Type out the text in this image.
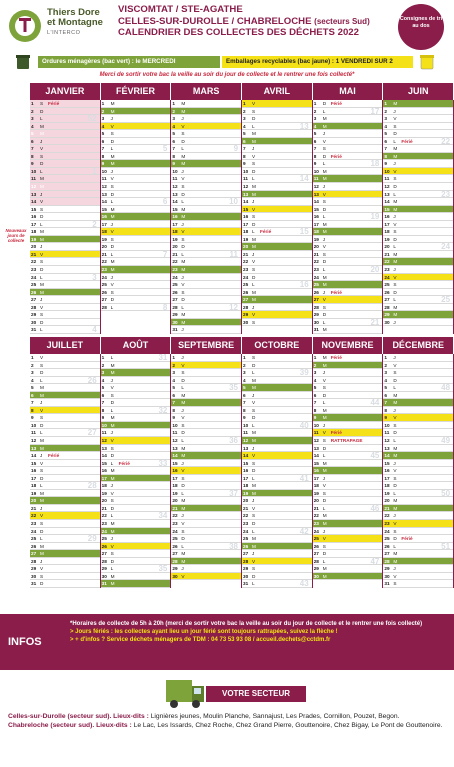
Thiers Dore
et Montagne
L'INTERCO
VISCOMTAT / STE-AGATHE
CELLES-SUR-DUROLLE / CHABRELOCHE (secteurs Sud)
CALENDRIER DES COLLECTES DES DÉCHETS 2022
Consignes de tri au dos
Ordures ménagères (bac vert) : le MERCREDI	Emballages recyclables (bac jaune) : 1 VENDREDI SUR 2
Merci de sortir votre bac la veille au soir du jour de collecte et le rentrer une fois collecté*
Nouveaux jours de collecte
JANVIER	FÉVRIER	MARS	AVRIL	MAI	JUIN
1	S	Férié
2	D
3	L	52
4	M
5	M
6	J
7	V
8	S
9	D
10 L	1
11 M
12 M
13 J
14 V
15 S
16 D
17 L	2
18 M
19 M
20 J
21 V
22 S
23 D
24 L	3
25 M
26 M
27 J
28 V
29 S
30 D
31 L	4
1	M
2	M
3	J
4	V
5	S
6	D
7	L	5
8	M
9	M
10 J
11 V
12 S
13 D
14 L	6
15 M
16 M
17 J
18 V
19 S
20 D
21 L	7
22 M
23 M
24 J
25 V
26 S
27 D
28 L	8
1	M
2	M
3	J
4	V
5	S
6	D
7	L	9
8	M
9	M
10 J
11 V
12 S
13 D
14 L	10
15 M
16 M
17 J
18 V
19 S
20 D
21 L	11
22 M
23 M
24 J
25 V
26 S
27 D
28 L	12
29 M
30 M
31 J
1	V
2	S
3	D
4	L	13
5	M
6	M
7	J
8	V
9	S
10 D
11 L	14
12 M
13 M
14 J
15 V
16 S
17 D
18 L	Férié	15
19 M
20 M
21 J
22 V
23 S
24 D
25 L	16
26 M
27 M
28 J
29 V
30 S
1	D Férié
2	L	17
3	M
4	M
5	J
6	V
7	S
8	D Férié
9	L	18
10 M
11 M
12 J
13 V
14 S
15 D
16 L	19
17 M
18 M
19 J
20 V
21 S
22 D
23 L	20
24 M
25 M
26 J	Férié
27 V
28 S
29 D
30 L	21
31 M
1	M
2	J
3	V
4	S
5	D
6	L	Férié	22
7	M
8	M
9	J
10 V
11 S
12 D
13 L	23
14 M
15 M
16 J
17 V
18 S
19 D
20 L	24
21 M
22 M
23 J
24 V
25 S
26 D
27 L	25
28 M
29 M
30 J
JUILLET	AOÛT	SEPTEMBRE	OCTOBRE	NOVEMBRE	DÉCEMBRE
1	V
2	S
3	D
4	L	26
5	M
6	M
7	J
8	V
9	S
10 D
11 L	27
12 M
13 M
14 J	Férié
15 V
16 S
17 D
18 L	28
19 M
20 M
21 J
22 V
23 S
24 D
25 L	29
26 M
27 M
28 J
29 V
30 S
31 D
1	L	31
2	M
3	M
4	J
5	V
6	S
7	D
8	L	32
9	M
10 M
11 J
12 V
13 S
14 D
15 L	Férié	33
16 M
17 M
18 J
19 V
20 S
21 D
22 L	34
23 M
24 M
25 J
26 V
27 S
28 D
29 L	35
30 M
31 M
1	J
2	V
3	S
4	D
5	L	35
6	M
7	M
8	J
9	V
10 S
11 D
12 L	36
13 M
14 M
15 J
16 V
17 S
18 D
19 L	37
20 M
21 M
22 J
23 V
24 S
25 D
26 L	38
27 M
28 M
29 J
30 V
1	S
2	D
3	L	39
4	M
5	M
6	J
7	V
8	S
9	D
10 L	40
11 M
12 M
13 J
14 V
15 S
16 D
17 L	41
18 M
19 M
20 J
21 V
22 S
23 D
24 L	42
25 M
26 M
27 J
28 V
29 S
30 D
31 L	43
1	M Férié
2	M
3	J
4	V
5	S
6	D
7	L	44
8	M
9	M
10 J
11 V	Férié
12 S	RATTRAPAGE
13 D
14 L	45
15 M
16 M
17 J
18 V
19 S
20 D
21 L	46
22 M
23 M
24 J
25 V
26 S
27 D
28 L	47
29 M
30 M
1	J
2	V
3	S
4	D
5	L	48
6	M
7	M
8	J
9	V
10 S
11 D
12 L	49
13 M
14 M
15 J
16 V
17 S
18 D
19 L	50
20 M
21 M
22 J
23 V
24 S
25 D Férié
26 L	51
27 M
28 M
29 J
30 V
31 S
INFOS
*Horaires de collecte de 5h à 20h (merci de sortir votre bac la veille au soir du jour de collecte et le rentrer une fois collecté)
> Jours fériés : les collectes ayant lieu un jour férié sont toujours rattrapées, suivez la flèche !
> + d'infos ? Service déchets ménagers de TDM : 04 73 53 93 08 / accueil.dechets@cctdm.fr
VOTRE SECTEUR
Celles-sur-Durolle (secteur sud). Lieux-dits : Lignières jeunes, Moulin Planche, Sannajust, Les Prades, Cornillon, Pouzet, Begon.
Chabreloche (secteur sud). Lieux-dits : Le Lac, Les Issards, Chez Roche, Chez Grand Pierre, Gouttenoire, Chez Bigay, Le Pont de Gouttenoire.
